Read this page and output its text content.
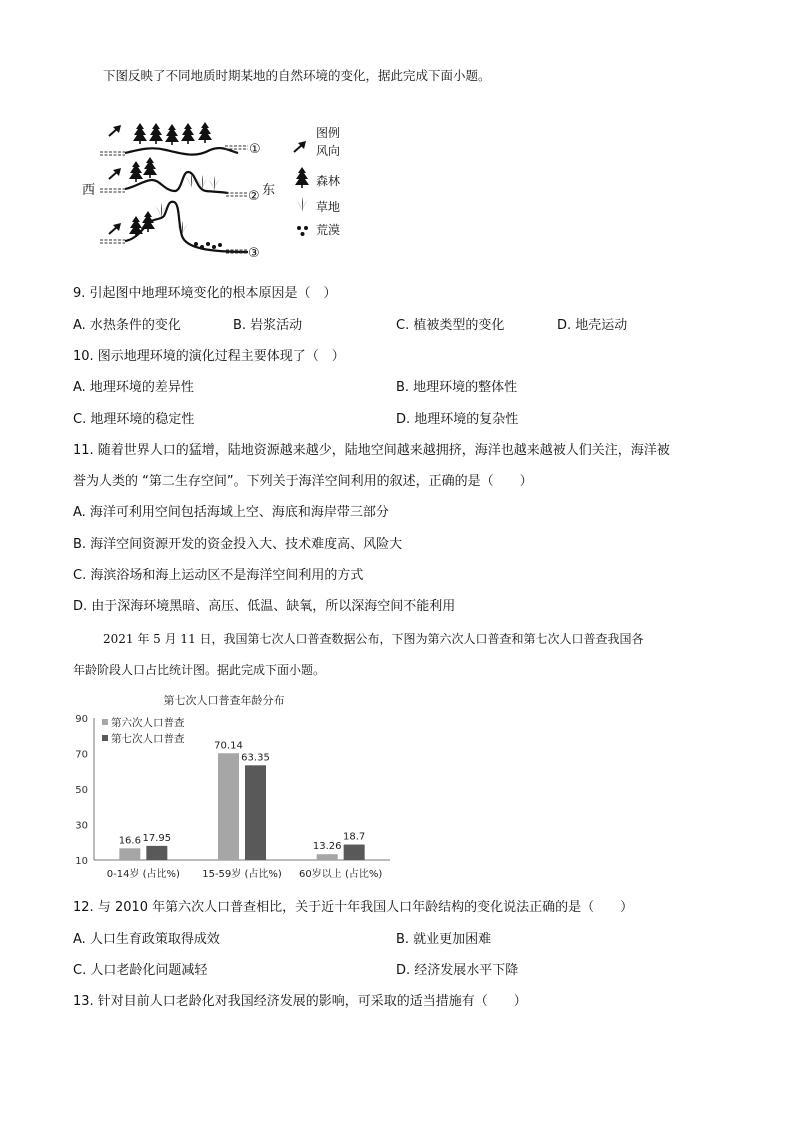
下图反映了不同地质时期某地的自然环境的变化，据此完成下面小题。
①
②
③
西	东
图例
风向
森林
草地
荒漠
9. 引起图中地理环境变化的根本原因是（　）
A. 水热条件的变化	B. 岩浆活动	C. 植被类型的变化	D. 地壳运动
10. 图示地理环境的演化过程主要体现了（　）
A. 地理环境的差异性	B. 地理环境的整体性
C. 地理环境的稳定性	D. 地理环境的复杂性
11. 随着世界人口的猛增，陆地资源越来越少，陆地空间越来越拥挤，海洋也越来越被人们关注，海洋被
誉为人类的 “第二生存空间”。下列关于海洋空间利用的叙述，正确的是（　　）
A. 海洋可利用空间包括海域上空、海底和海岸带三部分
B. 海洋空间资源开发的资金投入大、技术难度高、风险大
C. 海滨浴场和海上运动区不是海洋空间利用的方式
D. 由于深海环境黑暗、高压、低温、缺氧，所以深海空间不能利用
2021 年 5 月 11 日，我国第七次人口普查数据公布，下图为第六次人口普查和第七次人口普查我国各
年龄阶段人口占比统计图。据此完成下面小题。
第七次人口普查年龄分布
10
30
50
70
90
16.6 17.95
0-14岁 (占比%)
70.14
63.35
15-59岁 (占比%)
13.26
18.7
60岁以上 (占比%)
第六次人口普查
第七次人口普查
12. 与 2010 年第六次人口普查相比，关于近十年我国人口年龄结构的变化说法正确的是（　　）
A. 人口生育政策取得成效	B. 就业更加困难
C. 人口老龄化问题减轻	D. 经济发展水平下降
13. 针对目前人口老龄化对我国经济发展的影响，可采取的适当措施有（　　）
